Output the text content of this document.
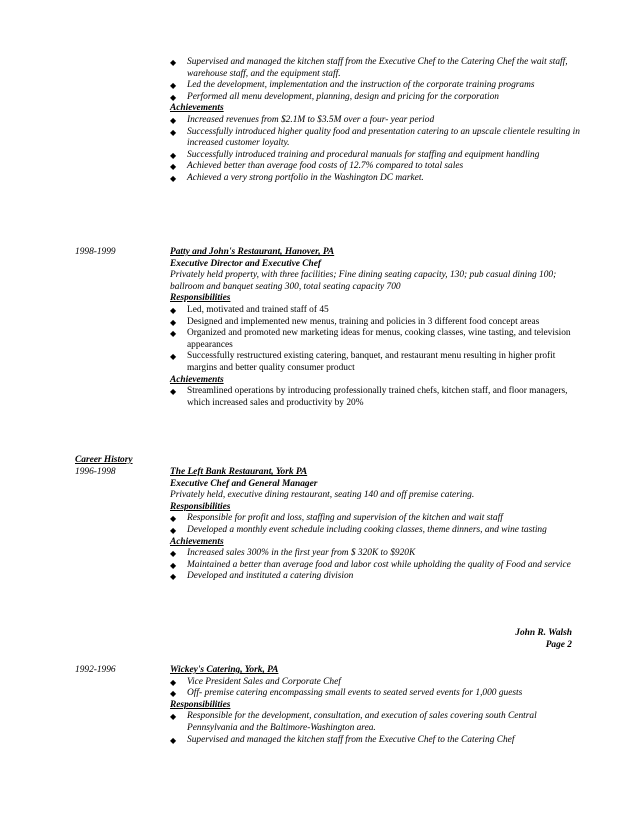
◆ Supervised and managed the kitchen staff from the Executive Chef to the Catering Chef the wait staff, warehouse staff, and the equipment staff.
◆ Led the development, implementation and the instruction of the corporate training programs
◆ Performed all menu development, planning, design and pricing for the corporation
Achievements
◆ Increased revenues from $2.1M to $3.5M over a four- year period
◆ Successfully introduced higher quality food and presentation catering to an upscale clientele resulting in increased customer loyalty.
◆ Successfully introduced training and procedural manuals for staffing and equipment handling
◆ Achieved better than average food costs of 12.7% compared to total sales
◆ Achieved a very strong portfolio in the Washington DC market.
1998-1999	Patty and John's Restaurant, Hanover, PA
Executive Director and Executive Chef
Privately held property, with three facilities; Fine dining seating capacity, 130; pub casual dining 100; ballroom and banquet seating 300, total seating capacity 700
Responsibilities
◆ Led, motivated and trained staff of 45
◆ Designed and implemented new menus, training and policies in 3 different food concept areas
◆ Organized and promoted new marketing ideas for menus, cooking classes, wine tasting, and television appearances
◆ Successfully restructured existing catering, banquet, and restaurant menu resulting in higher profit margins and better quality consumer product
Achievements
◆ Streamlined operations by introducing professionally trained chefs, kitchen staff, and floor managers, which increased sales and productivity by 20%
Career History
1996-1998	The Left Bank Restaurant, York PA
Executive Chef and General Manager
Privately held, executive dining restaurant, seating 140 and off premise catering.
Responsibilities
◆ Responsible for profit and loss, staffing and supervision of the kitchen and wait staff
◆ Developed a monthly event schedule including cooking classes, theme dinners, and wine tasting
Achievements
◆ Increased sales 300% in the first year from $ 320K to $920K
◆ Maintained a better than average food and labor cost while upholding the quality of Food and service
◆ Developed and instituted a catering division
John R. Walsh
Page 2
1992-1996	Wickey's Catering, York, PA
◆ Vice President Sales and Corporate Chef
◆ Off- premise catering encompassing small events to seated served events for 1,000 guests
Responsibilities
◆ Responsible for the development, consultation, and execution of sales covering south Central Pennsylvania and the Baltimore-Washington area.
◆ Supervised and managed the kitchen staff from the Executive Chef to the Catering Chef
